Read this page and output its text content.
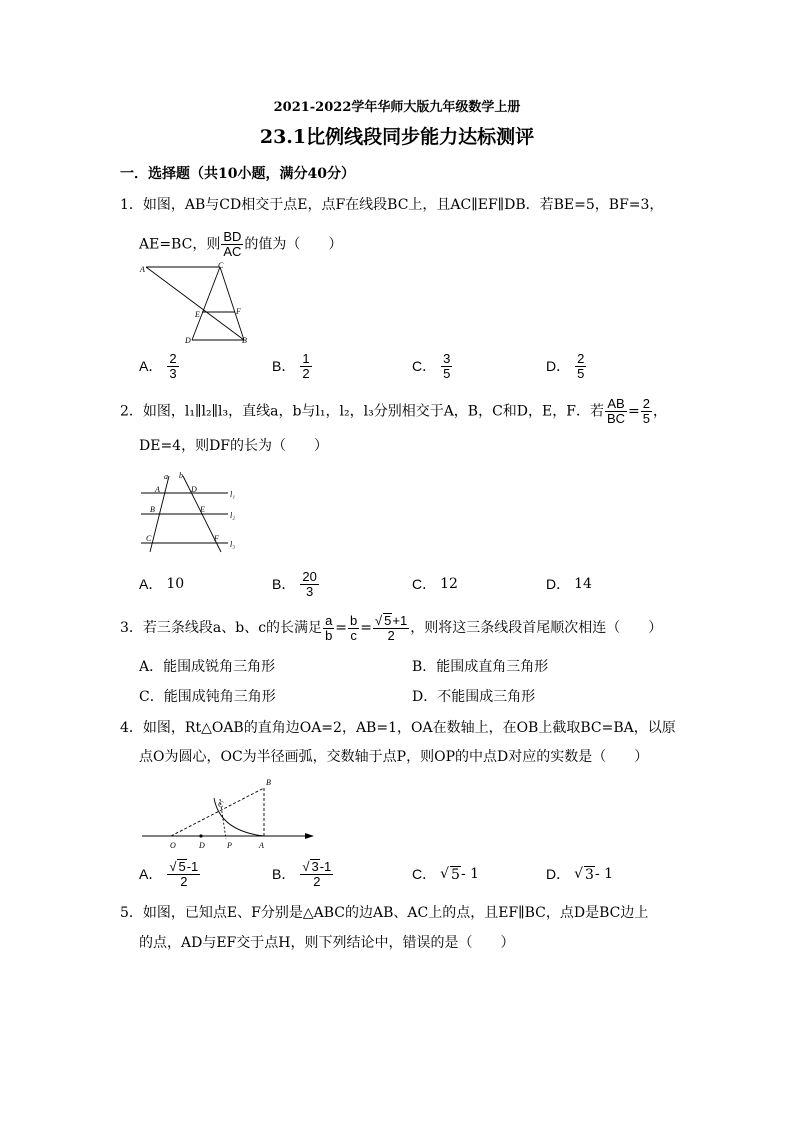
2021-2022学年华师大版九年级数学上册
23.1比例线段同步能力达标测评
一．选择题（共10小题，满分40分）
1．如图，AB与CD相交于点E，点F在线段BC上，且AC∥EF∥DB．若BE=5，BF=3，
AE=BC，则 $\frac{BD}{AC}$ 的值为（　　）
A	C
E	F
D	B
A． $\frac{2}{3}$	B． $\frac{1}{2}$	C． $\frac{3}{5}$	D． $\frac{2}{5}$
2．如图，l₁∥l₂∥l₃，直线a，b与l₁，l₂，l₃分别相交于A，B，C和D，E，F．若 $\frac{AB}{BC} = \frac{2}{5}$ ，
DE=4，则DF的长为（　　）
a b
A	D
B	E
C	F
l₁
l₂
l₃
A． 10	B． $\frac{20}{3}$	C． 12	D． 14
3．若三条线段a、b、c的长满足 $\frac{a}{b} = \frac{b}{c} = \frac{√ 5+1}{2}$ ，则将这三条线段首尾顺次相连（　　）
A．能围成锐角三角形	B．能围成直角三角形
C．能围成钝角三角形	D．不能围成三角形
4．如图，Rt△OAB的直角边OA=2，AB=1，OA在数轴上，在OB上截取BC=BA，以原
点O为圆心，OC为半径画弧，交数轴于点P，则OP的中点D对应的实数是（　　）
B
C
O	D	P	A
A． $\frac{√ 5-1}{2}$	B． $\frac{√ 3-1}{2}$	C． √ 5 - 1	D． √ 3 - 1
5．如图，已知点E、F分别是△ABC的边AB、AC上的点，且EF∥BC，点D是BC边上
的点，AD与EF交于点H，则下列结论中，错误的是（　　）
